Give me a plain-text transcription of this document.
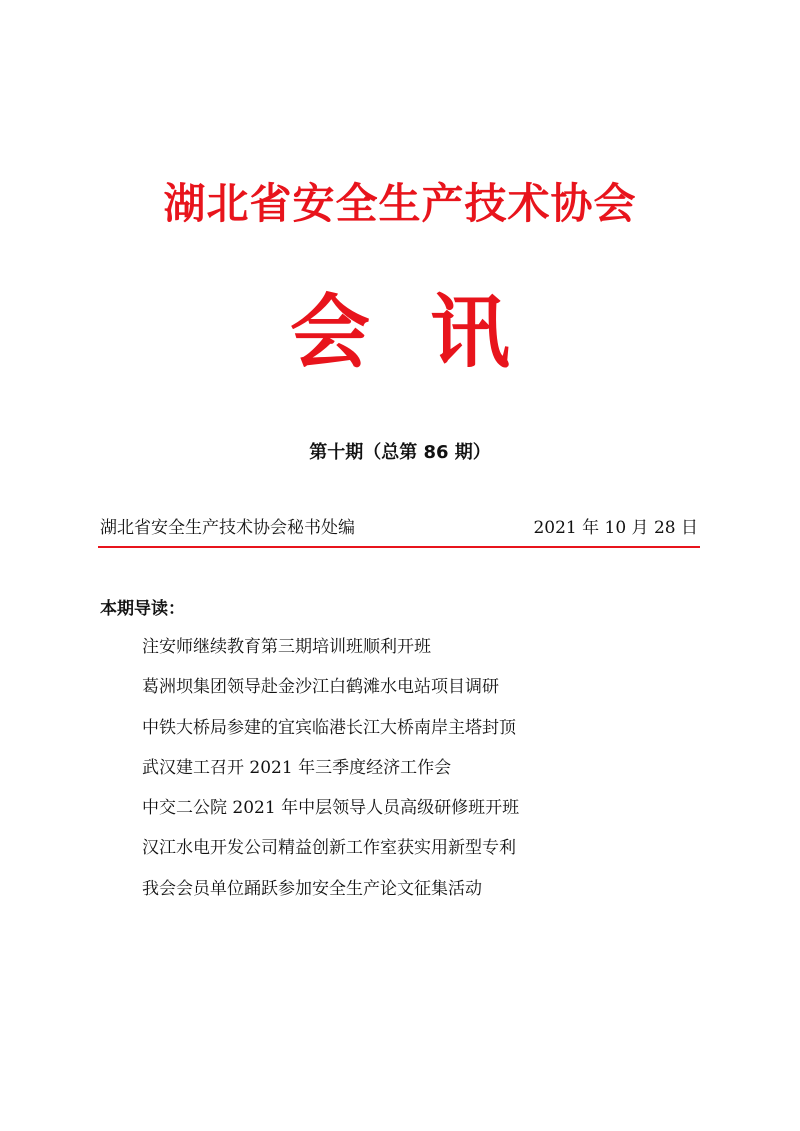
湖北省安全生产技术协会
会讯
第十期（总第 86 期）
湖北省安全生产技术协会秘书处编	2021 年 10 月 28 日
本期导读：
注安师继续教育第三期培训班顺利开班
葛洲坝集团领导赴金沙江白鹤滩水电站项目调研
中铁大桥局参建的宜宾临港长江大桥南岸主塔封顶
武汉建工召开 2021 年三季度经济工作会
中交二公院 2021 年中层领导人员高级研修班开班
汉江水电开发公司精益创新工作室获实用新型专利
我会会员单位踊跃参加安全生产论文征集活动
